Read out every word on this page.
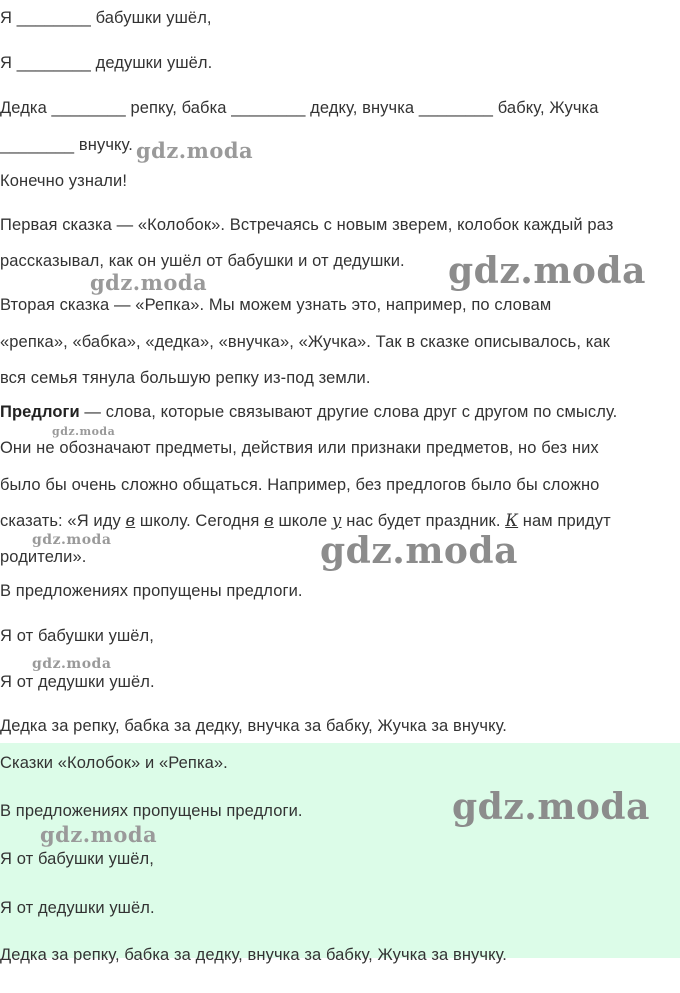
Я ________ бабушки ушёл,
Я ________ дедушки ушёл.
Дедка ________ репку, бабка ________ дедку, внучка ________ бабку, Жучка
________ внучку.
Конечно узнали!
Первая сказка — «Колобок». Встречаясь с новым зверем, колобок каждый раз
рассказывал, как он ушёл от бабушки и от дедушки.
Вторая сказка — «Репка». Мы можем узнать это, например, по словам
«репка», «бабка», «дедка», «внучка», «Жучка». Так в сказке описывалось, как
вся семья тянула большую репку из-под земли.
Предлоги — слова, которые связывают другие слова друг с другом по смыслу.
Они не обозначают предметы, действия или признаки предметов, но без них
было бы очень сложно общаться. Например, без предлогов было бы сложно
сказать: «Я иду в школу. Сегодня в школе у нас будет праздник. К нам придут
родители».
В предложениях пропущены предлоги.
Я от бабушки ушёл,
Я от дедушки ушёл.
Дедка за репку, бабка за дедку, внучка за бабку, Жучка за внучку.
Сказки «Колобок» и «Репка».
В предложениях пропущены предлоги.
Я от бабушки ушёл,
Я от дедушки ушёл.
Дедка за репку, бабка за дедку, внучка за бабку, Жучка за внучку.
gdz.moda
gdz.moda
gdz.moda
gdz.moda
gdz.moda	gdz.moda
gdz.moda
gdz.moda
gdz.moda
